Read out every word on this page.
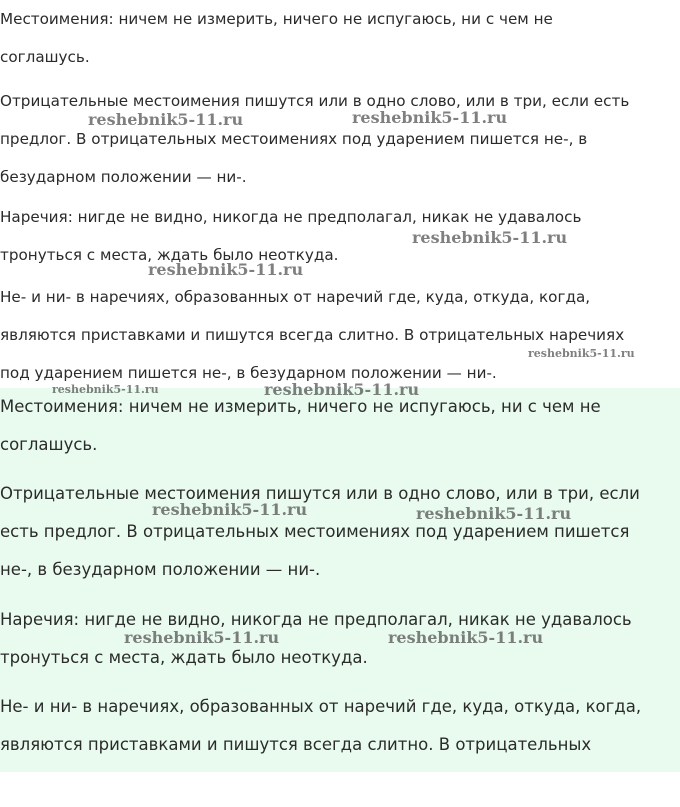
Местоимения: ничем не измерить, ничего не испугаюсь, ни с чем не
соглашусь.

Отрицательные местоимения пишутся или в одно слово, или в три, если есть
предлог. В отрицательных местоимениях под ударением пишется не-, в
безударном положении — ни-.

Наречия: нигде не видно, никогда не предполагал, никак не удавалось
тронуться с места, ждать было неоткуда.

Не- и ни- в наречиях, образованных от наречий где, куда, откуда, когда,
являются приставками и пишутся всегда слитно. В отрицательных наречиях
под ударением пишется не-, в безударном положении — ни-.

Местоимения: ничем не измерить, ничего не испугаюсь, ни с чем не
соглашусь.

Отрицательные местоимения пишутся или в одно слово, или в три, если
есть предлог. В отрицательных местоимениях под ударением пишется
не-, в безударном положении — ни-.

Наречия: нигде не видно, никогда не предполагал, никак не удавалось
тронуться с места, ждать было неоткуда.

Не- и ни- в наречиях, образованных от наречий где, куда, откуда, когда,
являются приставками и пишутся всегда слитно. В отрицательных

reshebnik5-11.ru	reshebnik5-11.ru
reshebnik5-11.ru
reshebnik5-11.ru
reshebnik5-11.ru
reshebnik5-11.ru	reshebnik5-11.ru
reshebnik5-11.ru	reshebnik5-11.ru
reshebnik5-11.ru	reshebnik5-11.ru
